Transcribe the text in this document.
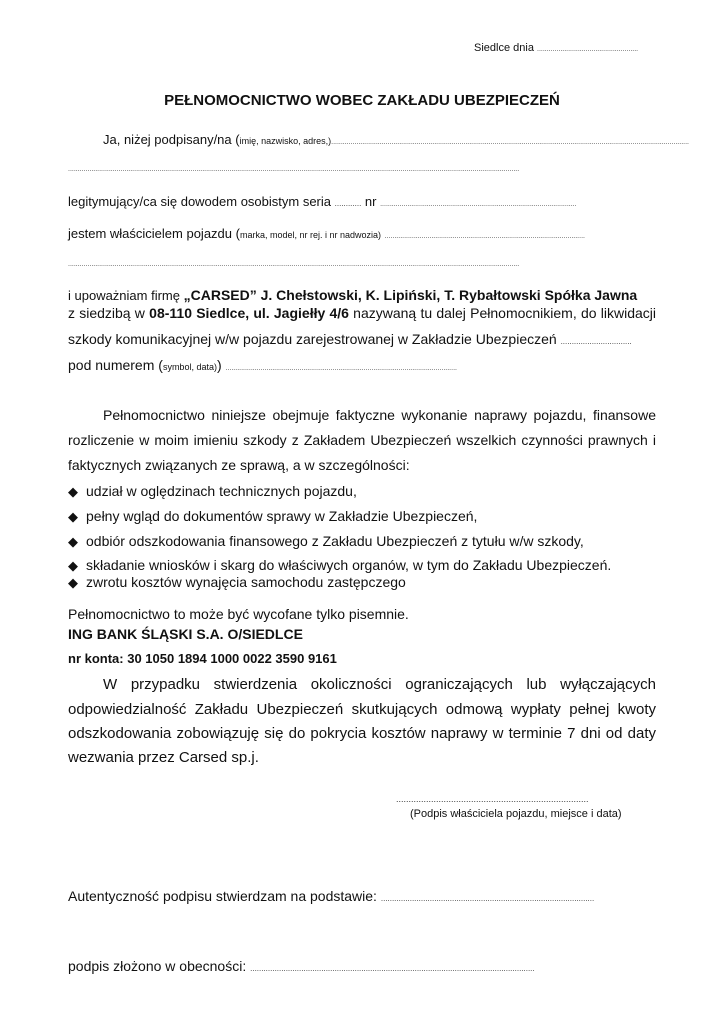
Siedlce dnia ....................................................
PEŁNOMOCNICTWO WOBEC ZAKŁADU UBEZPIECZEŃ
Ja, niżej podpisany/na (imię, nazwisko, adres,)........................................................................................................................................................................................
........................................................................................................................................................................................................................................
legitymujący/ca się dowodem osobistym seria ............ nr .....................................................................................................
jestem właścicielem pojazdu (marka, model, nr rej. i nr nadwozia) .......................................................................................................
........................................................................................................................................................................................................................................
i upoważniam firmę „CARSED” J. Chełstowski, K. Lipiński, T. Rybałtowski Spółka Jawna
z siedzibą w 08-110 Siedlce, ul. Jagiełły 4/6 nazywaną tu dalej Pełnomocnikiem, do likwidacji
szkody komunikacyjnej w/w pojazdu zarejestrowanej w Zakładzie Ubezpieczeń ................................
pod numerem (symbol, data)) .......................................................................................................................
Pełnomocnictwo niniejsze obejmuje faktyczne wykonanie naprawy pojazdu, finansowe
rozliczenie w moim imieniu szkody z Zakładem Ubezpieczeń wszelkich czynności prawnych i
faktycznych związanych ze sprawą, a w szczególności:
◆ udział w oględzinach technicznych pojazdu,
◆ pełny wgląd do dokumentów sprawy w Zakładzie Ubezpieczeń,
◆ odbiór odszkodowania finansowego z Zakładu Ubezpieczeń z tytułu w/w szkody,
◆ składanie wniosków i skarg do właściwych organów, w tym do Zakładu Ubezpieczeń.
◆ zwrotu kosztów wynajęcia samochodu zastępczego
Pełnomocnictwo to może być wycofane tylko pisemnie.
ING BANK ŚLĄSKI S.A. O/SIEDLCE
nr konta: 30 1050 1894 1000 0022 3590 9161
W przypadku stwierdzenia okoliczności ograniczających lub wyłączających
odpowiedzialność Zakładu Ubezpieczeń skutkujących odmową wypłaty pełnej kwoty
odszkodowania zobowiązuję się do pokrycia kosztów naprawy w terminie 7 dni od daty
wezwania przez Carsed sp.j.
.............................................................................
(Podpis właściciela pojazdu, miejsce i data)
Autentyczność podpisu stwierdzam na podstawie: ................................................................................................
podpis złożono w obecności: ................................................................................................................................
